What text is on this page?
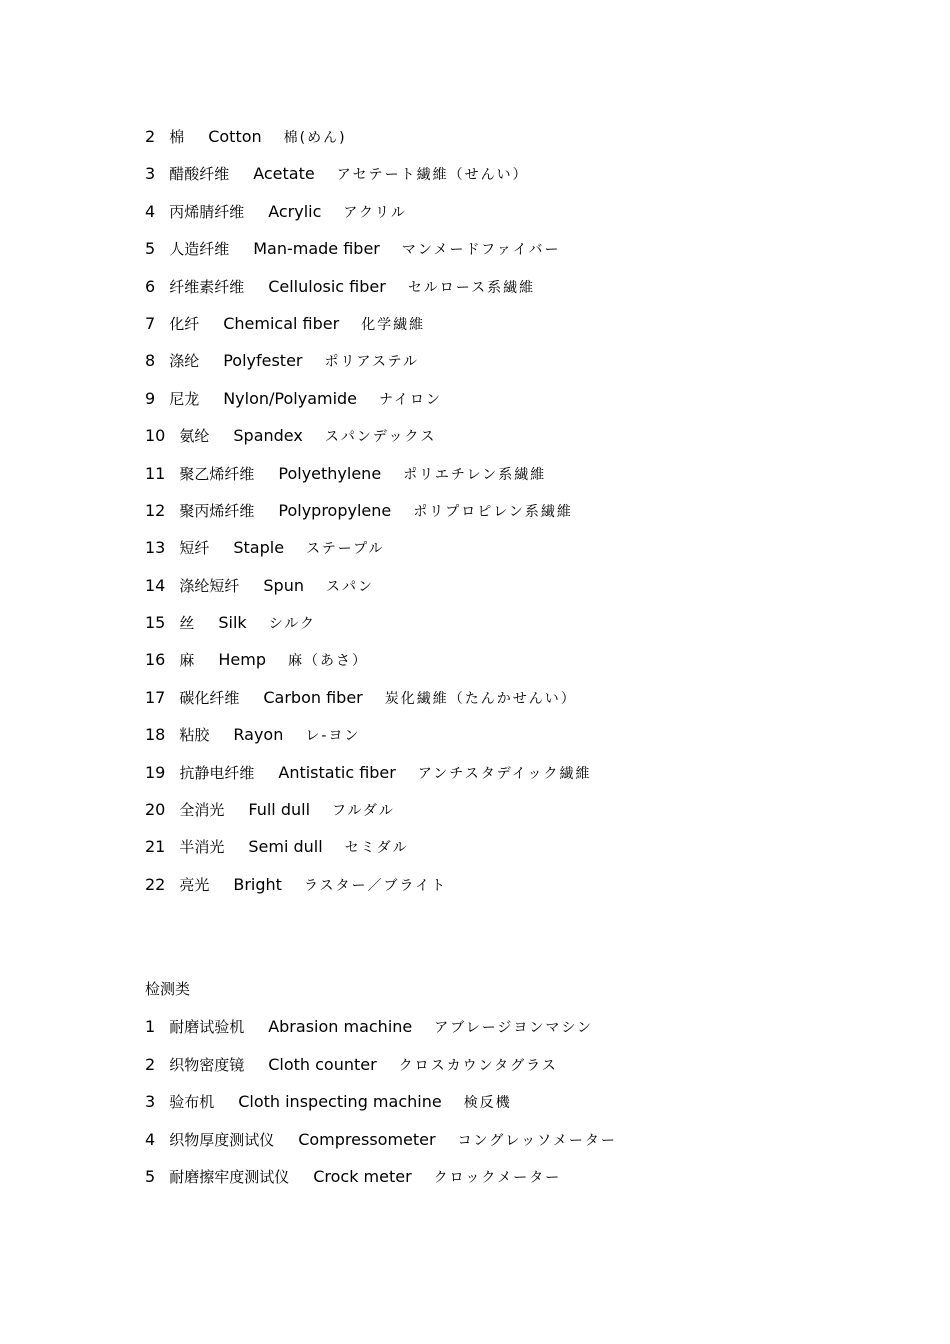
2 棉 Cotton 棉(めん)
3 醋酸纤维 Acetate アセテート繊維（せんい）
4 丙烯腈纤维 Acrylic アクリル
5 人造纤维 Man-made fiber マンメードファイバー
6 纤维素纤维 Cellulosic fiber セルロース系繊維
7 化纤 Chemical fiber 化学繊維
8 涤纶 Polyfester ポリアステル
9 尼龙 Nylon/Polyamide ナイロン
10 氨纶 Spandex スパンデックス
11 聚乙烯纤维 Polyethylene ポリエチレン系繊維
12 聚丙烯纤维 Polypropylene ポリプロピレン系繊維
13 短纤 Staple ステープル
14 涤纶短纤 Spun スパン
15 丝 Silk シルク
16 麻 Hemp 麻（あさ）
17 碳化纤维 Carbon fiber 炭化繊維（たんかせんい）
18 粘胶 Rayon レ-ヨン
19 抗静电纤维 Antistatic fiber アンチスタデイック繊維
20 全消光 Full dull フルダル
21 半消光 Semi dull セミダル
22 亮光 Bright ラスター／ブライト
检测类
1 耐磨试验机 Abrasion machine アブレージヨンマシン
2 织物密度镜 Cloth counter クロスカウンタグラス
3 验布机 Cloth inspecting machine 検反機
4 织物厚度测试仪 Compressometer コングレッソメーター
5 耐磨擦牢度测试仪 Crock meter クロックメーター
